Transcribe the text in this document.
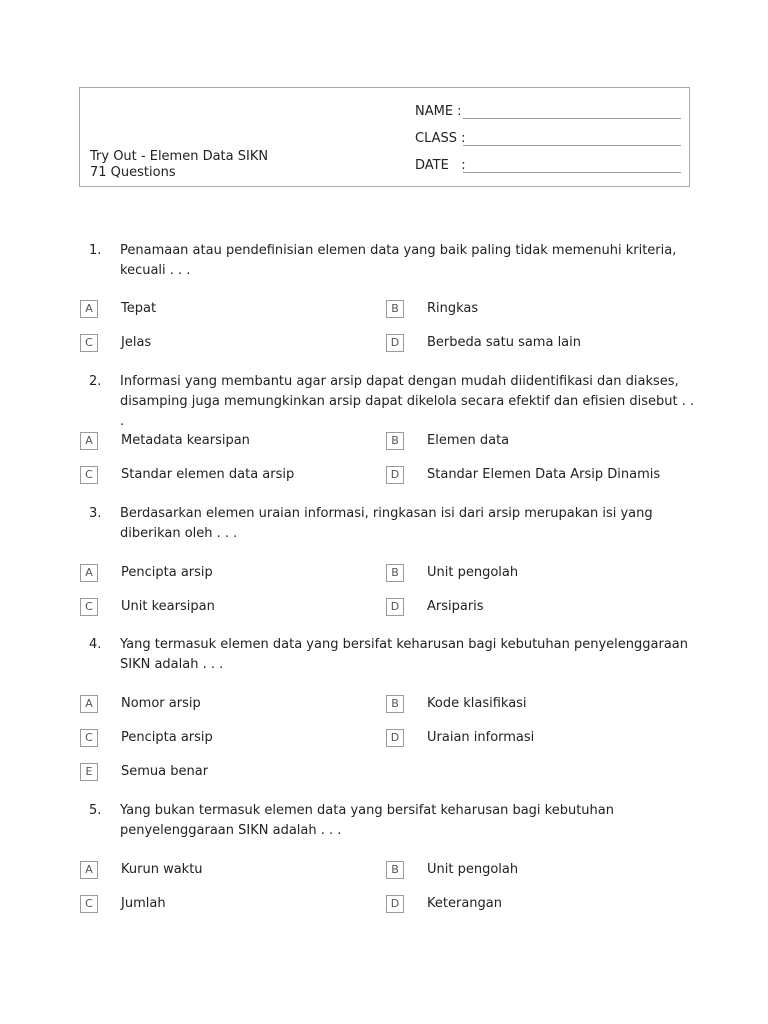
NAME :
CLASS :
DATE   :
Try Out - Elemen Data SIKN
71 Questions
1. Penamaan atau pendefinisian elemen data yang baik paling tidak memenuhi kriteria, kecuali . . .
A	Tepat	B	Ringkas
C	Jelas	D	Berbeda satu sama lain
2. Informasi yang membantu agar arsip dapat dengan mudah diidentifikasi dan diakses, disamping juga memungkinkan arsip dapat dikelola secara efektif dan efisien disebut . . .
A	Metadata kearsipan	B	Elemen data
C	Standar elemen data arsip	D	Standar Elemen Data Arsip Dinamis
3. Berdasarkan elemen uraian informasi, ringkasan isi dari arsip merupakan isi yang diberikan oleh . . .
A	Pencipta arsip	B	Unit pengolah
C	Unit kearsipan	D	Arsiparis
4. Yang termasuk elemen data yang bersifat keharusan bagi kebutuhan penyelenggaraan SIKN adalah . . .
A	Nomor arsip	B	Kode klasifikasi
C	Pencipta arsip	D	Uraian informasi
E	Semua benar
5. Yang bukan termasuk elemen data yang bersifat keharusan bagi kebutuhan penyelenggaraan SIKN adalah . . .
A	Kurun waktu	B	Unit pengolah
C	Jumlah	D	Keterangan
